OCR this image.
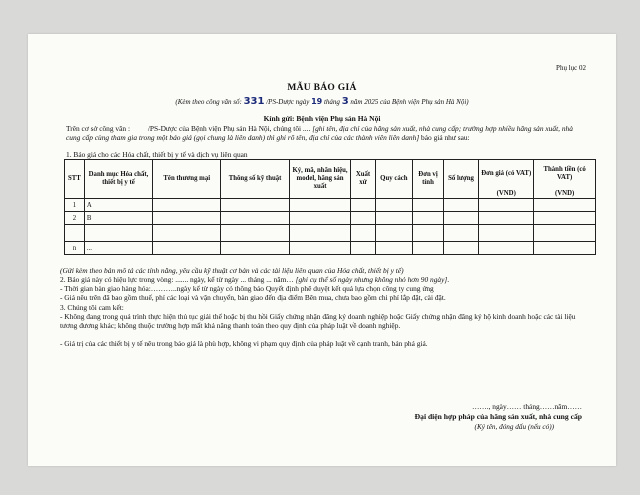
Phụ lục 02
MẪU BÁO GIÁ
(Kèm theo công văn số: 331 /PS-Dược ngày 19 tháng 3 năm 2025 của Bệnh viện Phụ sản Hà Nội)
Kính gửi: Bệnh viện Phụ sản Hà Nội
Trên cơ sở công văn : /PS-Dược của Bệnh viện Phụ sản Hà Nội, chúng tôi .... [ghi tên, địa chỉ của hãng sản xuất, nhà cung cấp; trường hợp nhiều hãng sản xuất, nhà cung cấp cùng tham gia trong một báo giá (gọi chung là liên danh) thì ghi rõ tên, địa chỉ của các thành viên liên danh] báo giá như sau:
1. Báo giá cho các Hóa chất, thiết bị y tế và dịch vụ liên quan
STT	Danh mục Hóa chất, thiết bị y tế	Tên thương mại	Thông số kỹ thuật	Ký, mã, nhãn hiệu, model, hãng sản xuất	Xuất xứ	Quy cách	Đơn vị tính	Số lượng	Đơn giá (có VAT)	Thành tiền (có VAT)
									(VND)	(VND)
1	A									
2	B									

n	...									
(Gửi kèm theo bản mô tả các tính năng, yêu cầu kỹ thuật cơ bản và các tài liệu liên quan của Hóa chất, thiết bị y tế)
2. Báo giá này có hiệu lực trong vòng: ....... ngày, kể từ ngày ... tháng ... năm… [ghi cụ thể số ngày nhưng không nhỏ hơn 90 ngày].
- Thời gian bàn giao hàng hóa:………..ngày kể từ ngày có thông báo Quyết định phê duyệt kết quả lựa chọn công ty cung ứng
- Giá nêu trên đã bao gồm thuế, phí các loại và vận chuyển, bàn giao đến địa điểm Bên mua, chưa bao gồm chi phí lắp đặt, cài đặt.
3. Chúng tôi cam kết:
- Không đang trong quá trình thực hiện thủ tục giải thể hoặc bị thu hồi Giấy chứng nhận đăng ký doanh nghiệp hoặc Giấy chứng nhận đăng ký hộ kinh doanh hoặc các tài liệu tương đương khác; không thuộc trường hợp mất khả năng thanh toán theo quy định của pháp luật về doanh nghiệp.
- Giá trị của các thiết bị y tế nêu trong báo giá là phù hợp, không vi phạm quy định của pháp luật về cạnh tranh, bán phá giá.
……., ngày…… tháng……năm……
Đại diện hợp pháp của hãng sản xuất, nhà cung cấp
(Ký tên, đóng dấu (nếu có))
